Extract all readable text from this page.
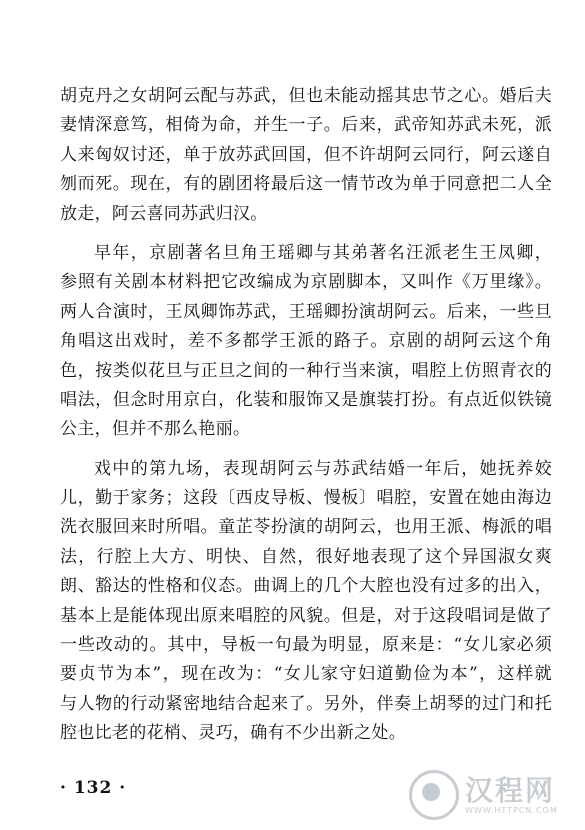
胡克丹之女胡阿云配与苏武，但也未能动摇其忠节之心。婚后夫
妻情深意笃，相倚为命，并生一子。后来，武帝知苏武未死，派
人来匈奴讨还，单于放苏武回国，但不许胡阿云同行，阿云遂自
刎而死。现在，有的剧团将最后这一情节改为单于同意把二人全
放走，阿云喜同苏武归汉。
早年，京剧著名旦角王瑶卿与其弟著名汪派老生王凤卿，
参照有关剧本材料把它改编成为京剧脚本，又叫作《万里缘》。
两人合演时，王凤卿饰苏武，王瑶卿扮演胡阿云。后来，一些旦
角唱这出戏时，差不多都学王派的路子。京剧的胡阿云这个角
色，按类似花旦与正旦之间的一种行当来演，唱腔上仿照青衣的
唱法，但念时用京白，化装和服饰又是旗装打扮。有点近似铁镜
公主，但并不那么艳丽。
戏中的第九场，表现胡阿云与苏武结婚一年后，她抚养姣
儿，勤于家务；这段〔西皮导板、慢板〕唱腔，安置在她由海边
洗衣服回来时所唱。童芷苓扮演的胡阿云，也用王派、梅派的唱
法，行腔上大方、明快、自然，很好地表现了这个异国淑女爽
朗、豁达的性格和仪态。曲调上的几个大腔也没有过多的出入，
基本上是能体现出原来唱腔的风貌。但是，对于这段唱词是做了
一些改动的。其中，导板一句最为明显，原来是：“女儿家必须
要贞节为本”，现在改为：“女儿家守妇道勤俭为本”，这样就
与人物的行动紧密地结合起来了。另外，伴奏上胡琴的过门和托
腔也比老的花梢、灵巧，确有不少出新之处。
· 132 ·	汉程网
WWW.HTTPCN.COM
